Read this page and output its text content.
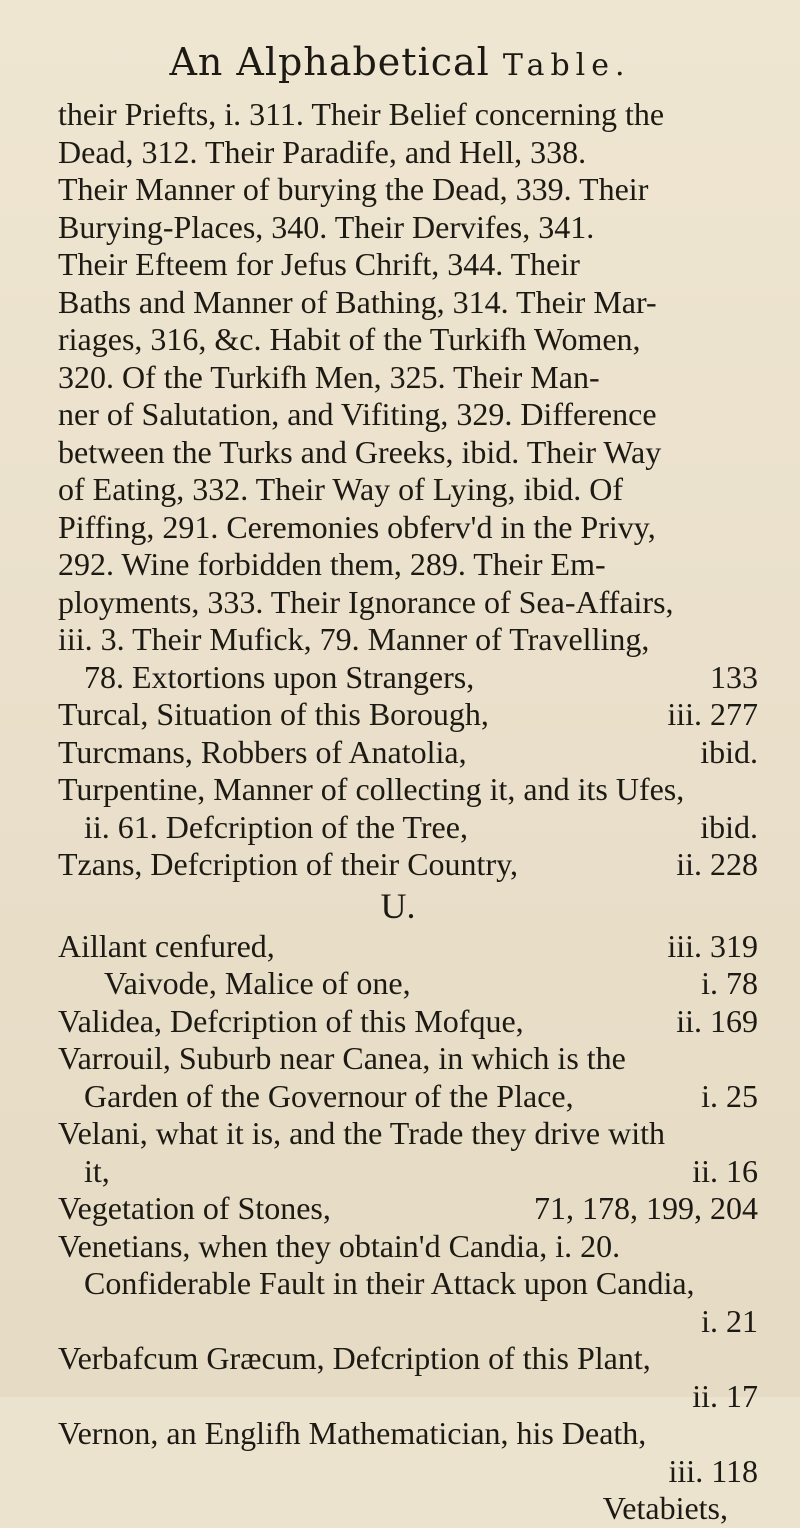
An Alphabetical Table.
their Priefts, i. 311. Their Belief concerning the
Dead, 312. Their Paradife, and Hell, 338.
Their Manner of burying the Dead, 339. Their
Burying-Places, 340. Their Dervifes, 341.
Their Efteem for Jefus Chrift, 344. Their
Baths and Manner of Bathing, 314. Their Mar-
riages, 316, &c. Habit of the Turkifh Women,
320. Of the Turkifh Men, 325. Their Man-
ner of Salutation, and Vifiting, 329. Difference
between the Turks and Greeks, ibid. Their Way
of Eating, 332. Their Way of Lying, ibid. Of
Piffing, 291. Ceremonies obferv'd in the Privy,
292. Wine forbidden them, 289. Their Em-
ployments, 333. Their Ignorance of Sea-Affairs,
iii. 3. Their Mufick, 79. Manner of Travelling,
78. Extortions upon Strangers,	133
Turcal, Situation of this Borough,	iii. 277
Turcmans, Robbers of Anatolia,	ibid.
Turpentine, Manner of collecting it, and its Ufes,
ii. 61. Defcription of the Tree,	ibid.
Tzans, Defcription of their Country,	ii. 228
U.
Aillant cenfured,	iii. 319
Vaivode, Malice of one,	i. 78
Validea, Defcription of this Mofque,	ii. 169
Varrouil, Suburb near Canea, in which is the
Garden of the Governour of the Place,	i. 25
Velani, what it is, and the Trade they drive with
it,	ii. 16
Vegetation of Stones,	71, 178, 199, 204
Venetians, when they obtain'd Candia, i. 20.
Confiderable Fault in their Attack upon Candia,
i. 21
Verbafcum Græcum, Defcription of this Plant,
ii. 17
Vernon, an Englifh Mathematician, his Death,
iii. 118
Vetabiets,
